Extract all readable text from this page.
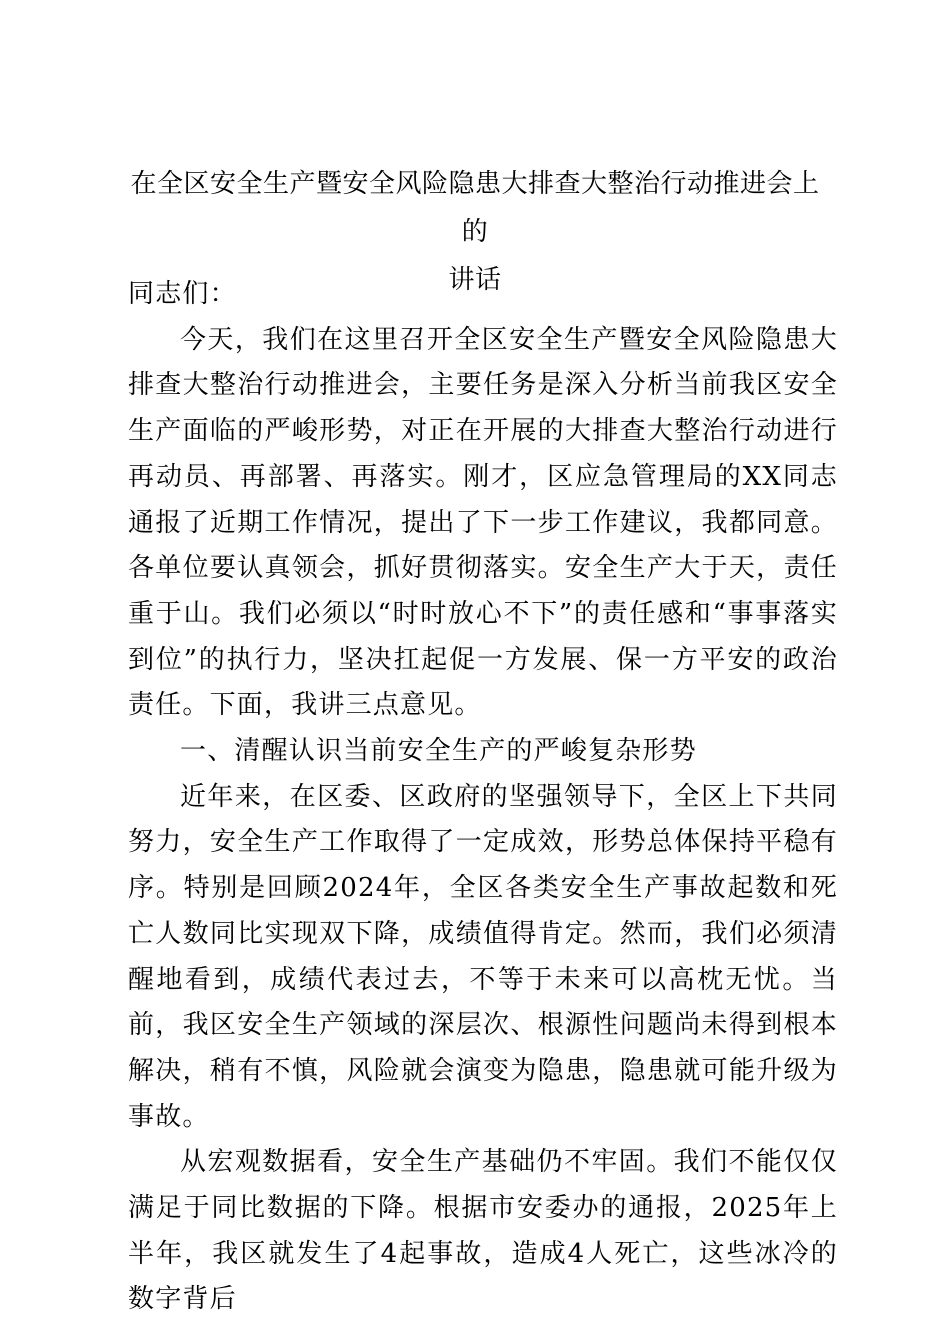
在全区安全生产暨安全风险隐患大排查大整治行动推进会上的
讲话

同志们：

今天，我们在这里召开全区安全生产暨安全风险隐患大排查大整治行动推进会，主要任务是深入分析当前我区安全生产面临的严峻形势，对正在开展的大排查大整治行动进行再动员、再部署、再落实。刚才，区应急管理局的XX同志通报了近期工作情况，提出了下一步工作建议，我都同意。各单位要认真领会，抓好贯彻落实。安全生产大于天，责任重于山。我们必须以“时时放心不下”的责任感和“事事落实到位”的执行力，坚决扛起促一方发展、保一方平安的政治责任。下面，我讲三点意见。

一、清醒认识当前安全生产的严峻复杂形势

近年来，在区委、区政府的坚强领导下，全区上下共同努力，安全生产工作取得了一定成效，形势总体保持平稳有序。特别是回顾2024年，全区各类安全生产事故起数和死亡人数同比实现双下降，成绩值得肯定。然而，我们必须清醒地看到，成绩代表过去，不等于未来可以高枕无忧。当前，我区安全生产领域的深层次、根源性问题尚未得到根本解决，稍有不慎，风险就会演变为隐患，隐患就可能升级为事故。

从宏观数据看，安全生产基础仍不牢固。我们不能仅仅满足于同比数据的下降。根据市安委办的通报，2025年上半年，我区就发生了4起事故，造成4人死亡，这些冰冷的数字背后
